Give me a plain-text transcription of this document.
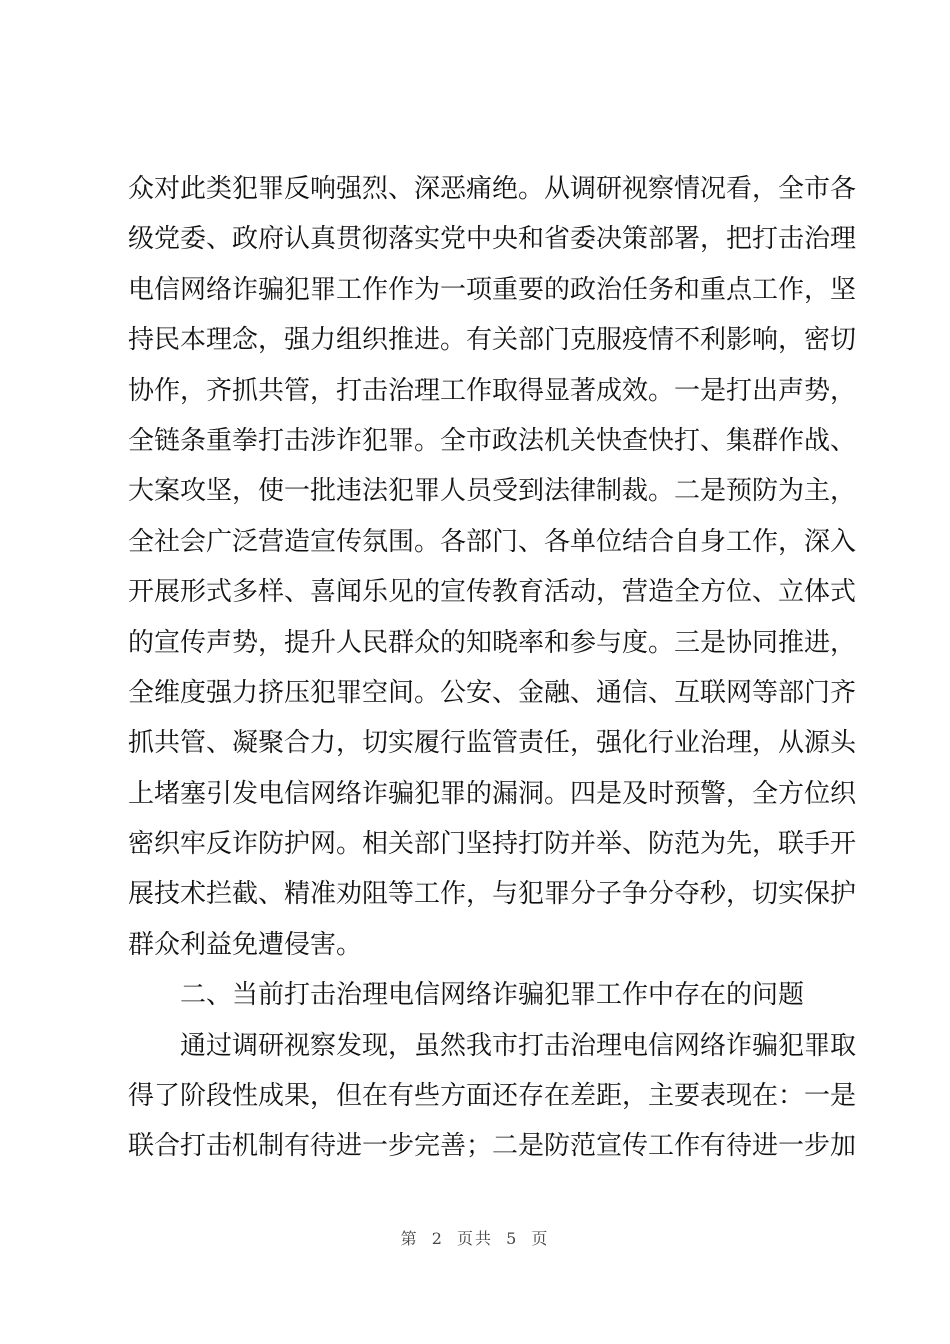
众对此类犯罪反响强烈、深恶痛绝。从调研视察情况看，全市各
级党委、政府认真贯彻落实党中央和省委决策部署，把打击治理
电信网络诈骗犯罪工作作为一项重要的政治任务和重点工作，坚
持民本理念，强力组织推进。有关部门克服疫情不利影响，密切
协作，齐抓共管，打击治理工作取得显著成效。一是打出声势，
全链条重拳打击涉诈犯罪。全市政法机关快查快打、集群作战、
大案攻坚，使一批违法犯罪人员受到法律制裁。二是预防为主，
全社会广泛营造宣传氛围。各部门、各单位结合自身工作，深入
开展形式多样、喜闻乐见的宣传教育活动，营造全方位、立体式
的宣传声势，提升人民群众的知晓率和参与度。三是协同推进，
全维度强力挤压犯罪空间。公安、金融、通信、互联网等部门齐
抓共管、凝聚合力，切实履行监管责任，强化行业治理，从源头
上堵塞引发电信网络诈骗犯罪的漏洞。四是及时预警，全方位织
密织牢反诈防护网。相关部门坚持打防并举、防范为先，联手开
展技术拦截、精准劝阻等工作，与犯罪分子争分夺秒，切实保护
群众利益免遭侵害。
二、当前打击治理电信网络诈骗犯罪工作中存在的问题
通过调研视察发现，虽然我市打击治理电信网络诈骗犯罪取
得了阶段性成果，但在有些方面还存在差距，主要表现在：一是
联合打击机制有待进一步完善；二是防范宣传工作有待进一步加
第 2 页共 5 页
